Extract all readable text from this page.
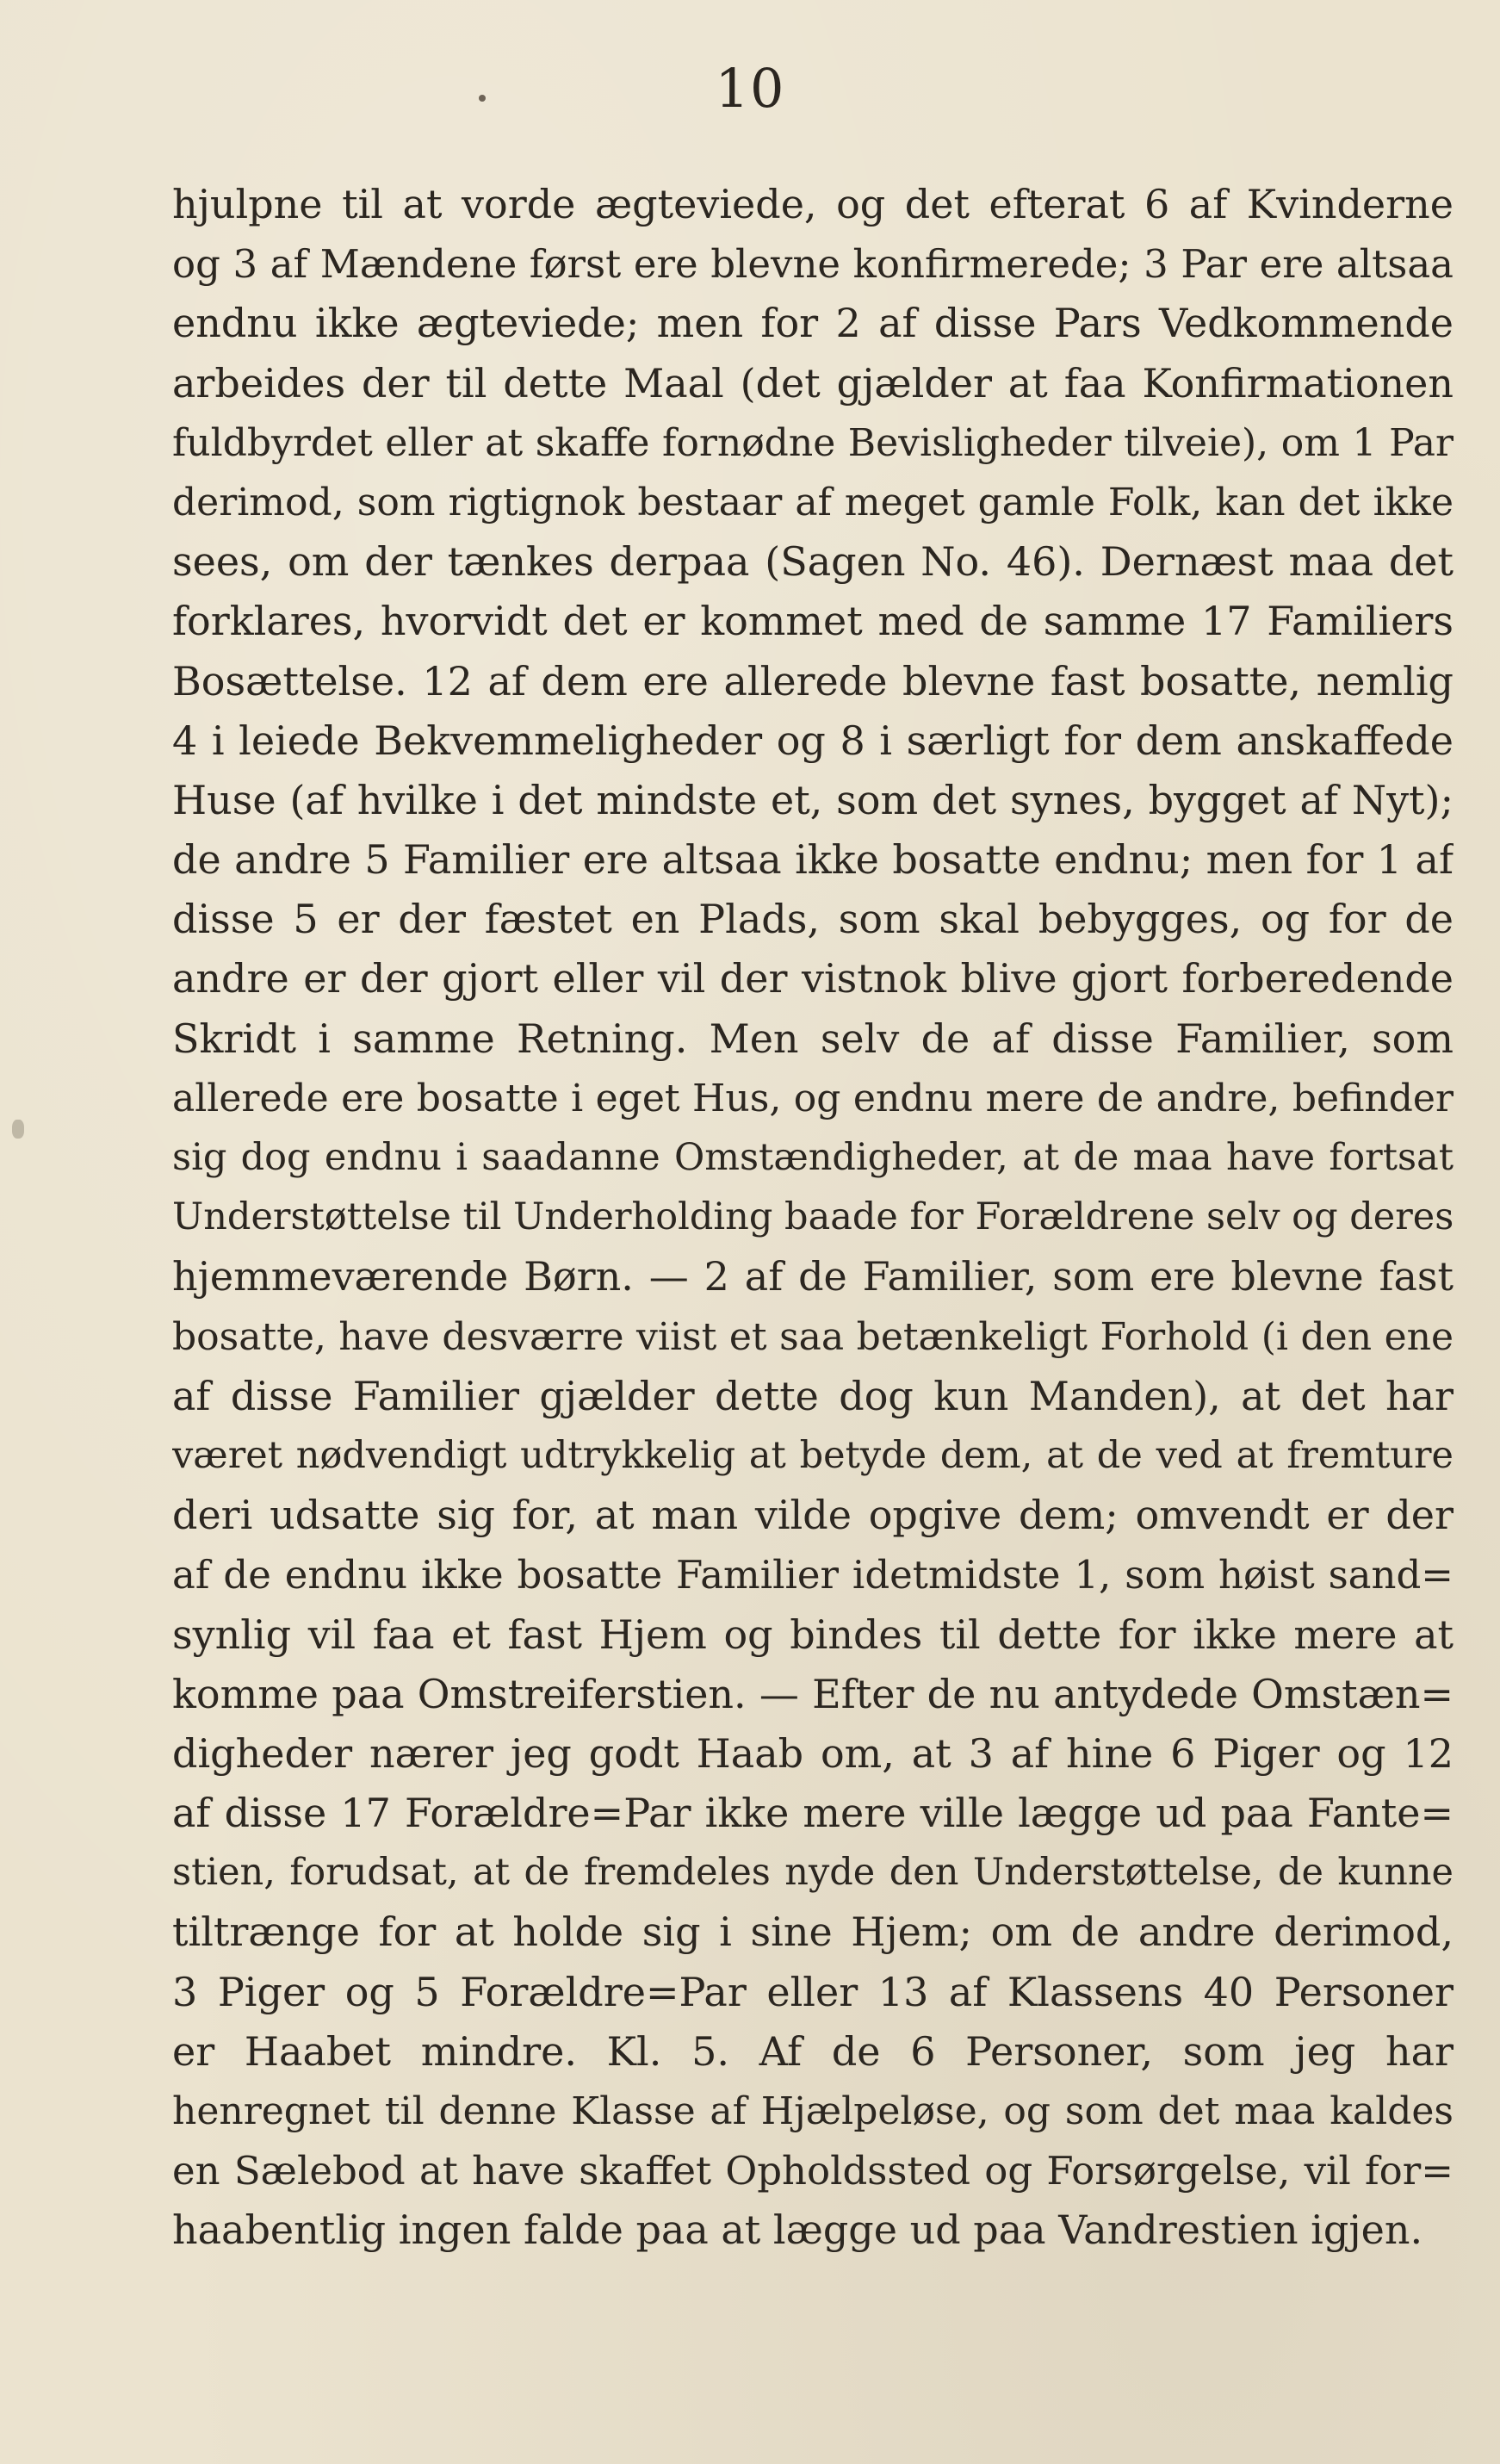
10
hjulpne til at vorde ægteviede, og det efterat 6 af Kvinderne
og 3 af Mændene først ere blevne konfirmerede; 3 Par ere altsaa
endnu ikke ægteviede; men for 2 af disse Pars Vedkommende
arbeides der til dette Maal (det gjælder at faa Konfirmationen
fuldbyrdet eller at skaffe fornødne Bevisligheder tilveie), om 1 Par
derimod, som rigtignok bestaar af meget gamle Folk, kan det ikke
sees, om der tænkes derpaa (Sagen No. 46). Dernæst maa det
forklares, hvorvidt det er kommet med de samme 17 Familiers
Bosættelse. 12 af dem ere allerede blevne fast bosatte, nemlig
4 i leiede Bekvemmeligheder og 8 i særligt for dem anskaffede
Huse (af hvilke i det mindste et, som det synes, bygget af Nyt);
de andre 5 Familier ere altsaa ikke bosatte endnu; men for 1 af
disse 5 er der fæstet en Plads, som skal bebygges, og for de
andre er der gjort eller vil der vistnok blive gjort forberedende
Skridt i samme Retning. Men selv de af disse Familier, som
allerede ere bosatte i eget Hus, og endnu mere de andre, befinder
sig dog endnu i saadanne Omstændigheder, at de maa have fortsat
Understøttelse til Underholding baade for Forældrene selv og deres
hjemmeværende Børn. — 2 af de Familier, som ere blevne fast
bosatte, have desværre viist et saa betænkeligt Forhold (i den ene
af disse Familier gjælder dette dog kun Manden), at det har
været nødvendigt udtrykkelig at betyde dem, at de ved at fremture
deri udsatte sig for, at man vilde opgive dem; omvendt er der
af de endnu ikke bosatte Familier idetmidste 1, som høist sand=
synlig vil faa et fast Hjem og bindes til dette for ikke mere at
komme paa Omstreiferstien. — Efter de nu antydede Omstæn=
digheder nærer jeg godt Haab om, at 3 af hine 6 Piger og 12
af disse 17 Forældre=Par ikke mere ville lægge ud paa Fante=
stien, forudsat, at de fremdeles nyde den Understøttelse, de kunne
tiltrænge for at holde sig i sine Hjem; om de andre derimod,
3 Piger og 5 Forældre=Par eller 13 af Klassens 40 Personer
er Haabet mindre. Kl. 5. Af de 6 Personer, som jeg har
henregnet til denne Klasse af Hjælpeløse, og som det maa kaldes
en Sælebod at have skaffet Opholdssted og Forsørgelse, vil for=
haabentlig ingen falde paa at lægge ud paa Vandrestien igjen.
